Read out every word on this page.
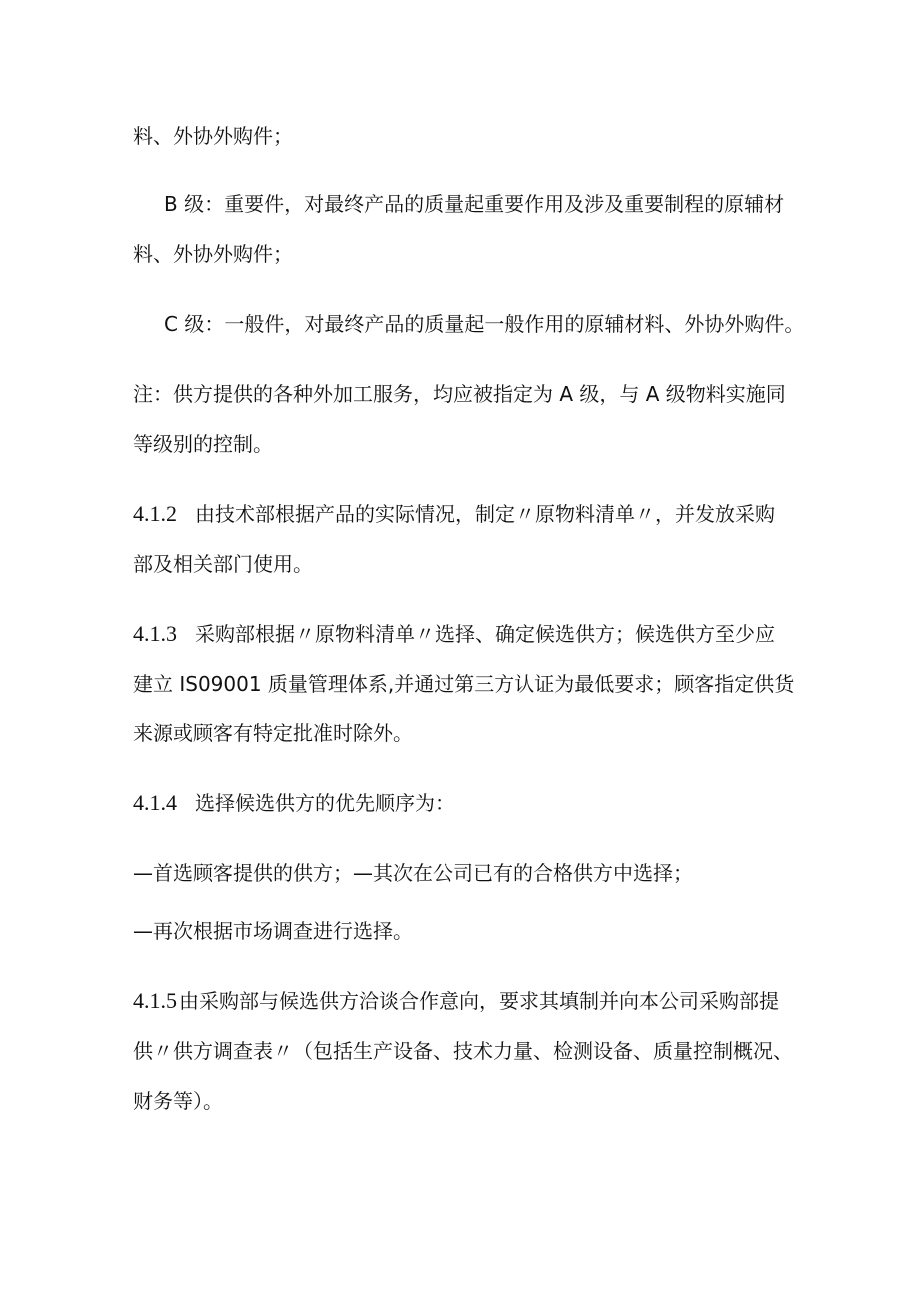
料、外协外购件；

B 级：重要件，对最终产品的质量起重要作用及涉及重要制程的原辅材

料、外协外购件；

C 级：一般件，对最终产品的质量起一般作用的原辅材料、外协外购件。

注：供方提供的各种外加工服务，均应被指定为 A 级，与 A 级物料实施同

等级别的控制。

4.1.2 由技术部根据产品的实际情况，制定〃原物料清单〃，并发放采购

部及相关部门使用。

4.1.3 采购部根据〃原物料清单〃选择、确定候选供方；候选供方至少应

建立 IS09001 质量管理体系,并通过第三方认证为最低要求；顾客指定供货

来源或顾客有特定批准时除外。

4.1.4 选择候选供方的优先顺序为：

—首选顾客提供的供方；—其次在公司已有的合格供方中选择；

—再次根据市场调查进行选择。

4.1.5 由采购部与候选供方洽谈合作意向，要求其填制并向本公司采购部提

供〃供方调查表〃（包括生产设备、技术力量、检测设备、质量控制概况、

财务等）。
